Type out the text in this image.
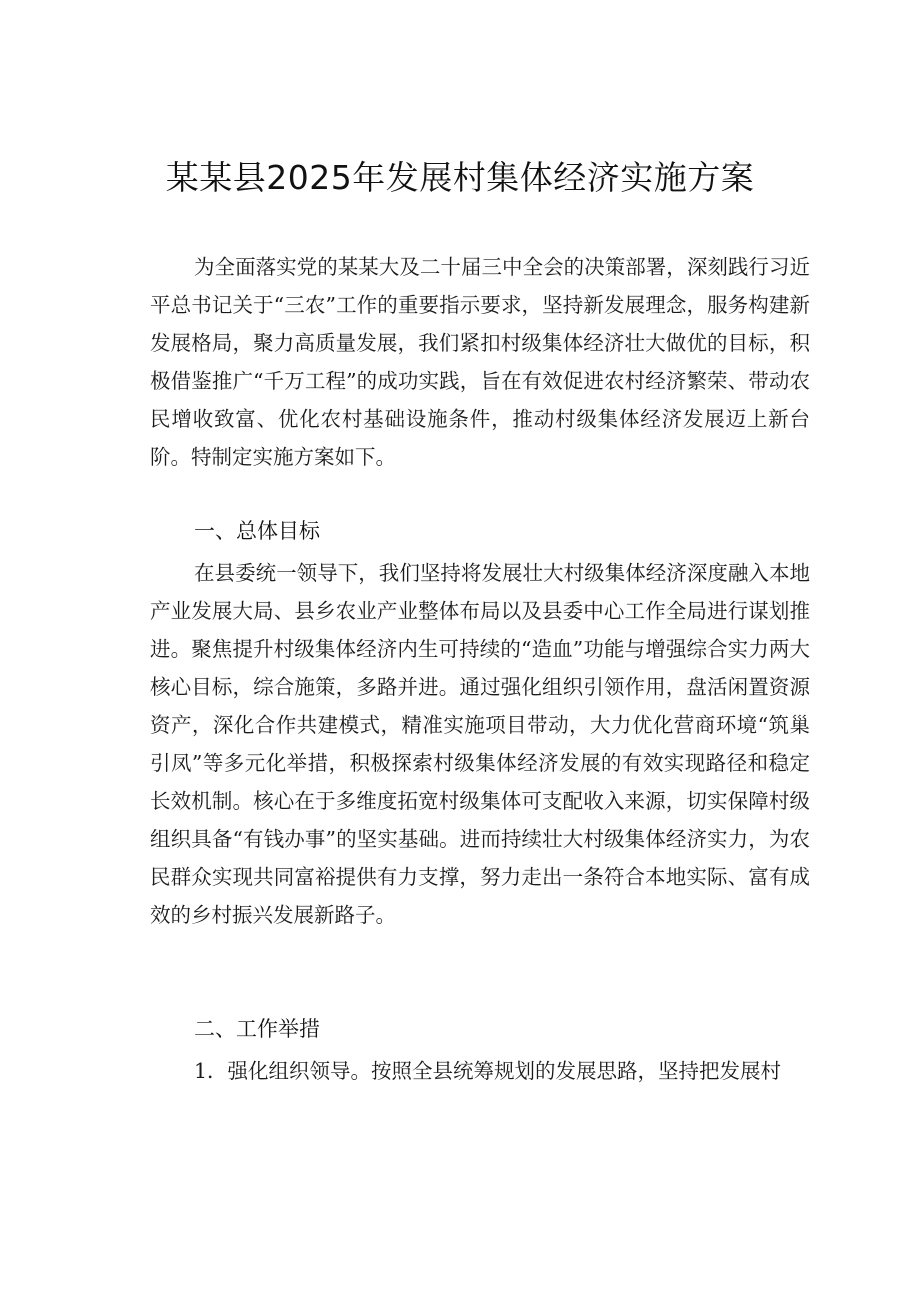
某某县2025年发展村集体经济实施方案

为全面落实党的某某大及二十届三中全会的决策部署，深刻践行习近平总书记关于“三农”工作的重要指示要求，坚持新发展理念，服务构建新发展格局，聚力高质量发展，我们紧扣村级集体经济壮大做优的目标，积极借鉴推广“千万工程”的成功实践，旨在有效促进农村经济繁荣、带动农民增收致富、优化农村基础设施条件，推动村级集体经济发展迈上新台阶。特制定实施方案如下。

一、总体目标

在县委统一领导下，我们坚持将发展壮大村级集体经济深度融入本地产业发展大局、县乡农业产业整体布局以及县委中心工作全局进行谋划推进。聚焦提升村级集体经济内生可持续的“造血”功能与增强综合实力两大核心目标，综合施策，多路并进。通过强化组织引领作用，盘活闲置资源资产，深化合作共建模式，精准实施项目带动，大力优化营商环境“筑巢引凤”等多元化举措，积极探索村级集体经济发展的有效实现路径和稳定长效机制。核心在于多维度拓宽村级集体可支配收入来源，切实保障村级组织具备“有钱办事”的坚实基础。进而持续壮大村级集体经济实力，为农民群众实现共同富裕提供有力支撑，努力走出一条符合本地实际、富有成效的乡村振兴发展新路子。

二、工作举措

1．强化组织领导。按照全县统筹规划的发展思路，坚持把发展村
